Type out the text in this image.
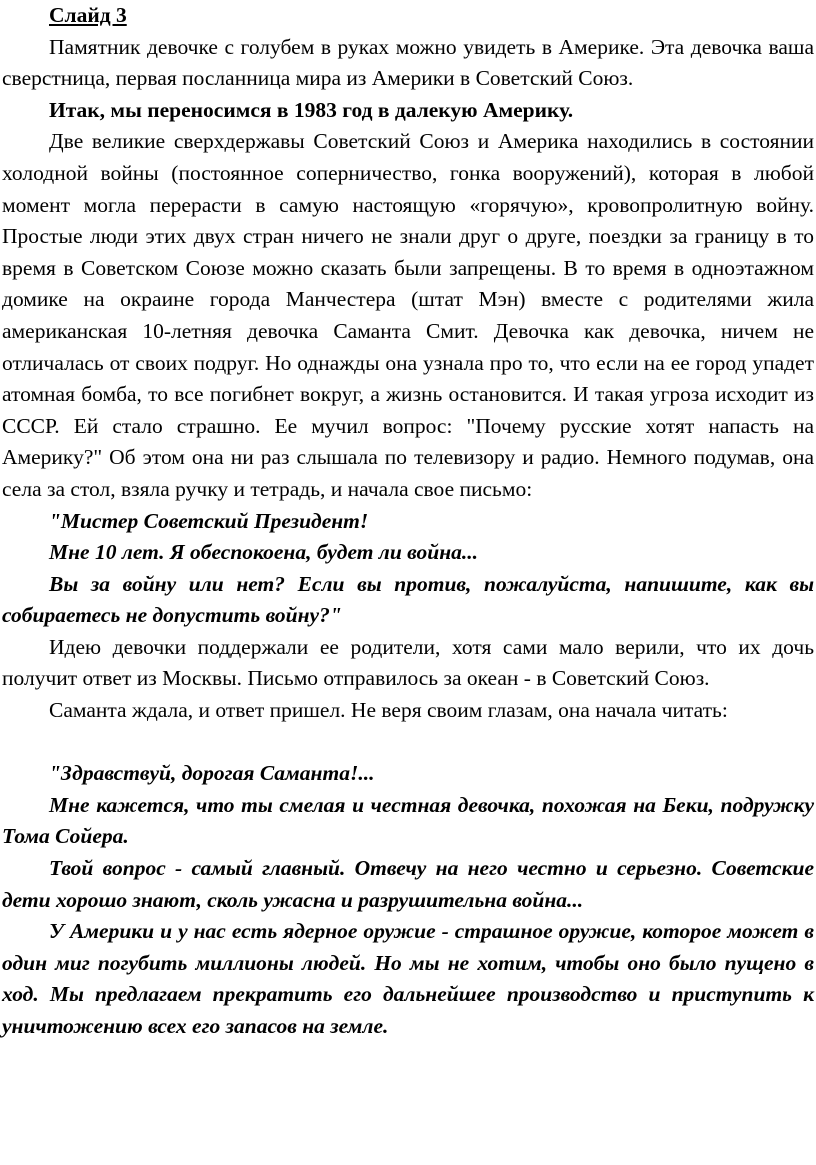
Слайд 3

Памятник девочке с голубем в руках можно увидеть в Америке. Эта девочка ваша сверстница, первая посланница мира из Америки в Советский Союз.

Итак, мы переносимся в 1983 год в далекую Америку.

Две великие сверхдержавы Советский Союз и Америка находились в состоянии холодной войны (постоянное соперничество, гонка вооружений), которая в любой момент могла перерасти в самую настоящую «горячую», кровопролитную войну. Простые люди этих двух стран ничего не знали друг о друге, поездки за границу в то время в Советском Союзе можно сказать были запрещены. В то время в одноэтажном домике на окраине города Манчестера (штат Мэн) вместе с родителями жила американская 10-летняя девочка Саманта Смит. Девочка как девочка, ничем не отличалась от своих подруг. Но однажды она узнала про то, что если на ее город упадет атомная бомба, то все погибнет вокруг, а жизнь остановится. И такая угроза исходит из СССР. Ей стало страшно. Ее мучил вопрос: "Почему русские хотят напасть на Америку?" Об этом она ни раз слышала по телевизору и радио. Немного подумав, она села за стол, взяла ручку и тетрадь, и начала свое письмо:

"Мистер Советский Президент!

Мне 10 лет. Я обеспокоена, будет ли война...

Вы за войну или нет? Если вы против, пожалуйста, напишите, как вы собираетесь не допустить войну?"

Идею девочки поддержали ее родители, хотя сами мало верили, что их дочь получит ответ из Москвы. Письмо отправилось за океан - в Советский Союз.

Саманта ждала, и ответ пришел. Не веря своим глазам, она начала читать:

"Здравствуй, дорогая Саманта!...

Мне кажется, что ты смелая и честная девочка, похожая на Беки, подружку Тома Сойера.

Твой вопрос - самый главный. Отвечу на него честно и серьезно. Советские дети хорошо знают, сколь ужасна и разрушительна война...

У Америки и у нас есть ядерное оружие - страшное оружие, которое может в один миг погубить миллионы людей. Но мы не хотим, чтобы оно было пущено в ход. Мы предлагаем прекратить его дальнейшее производство и приступить к уничтожению всех его запасов на земле.
